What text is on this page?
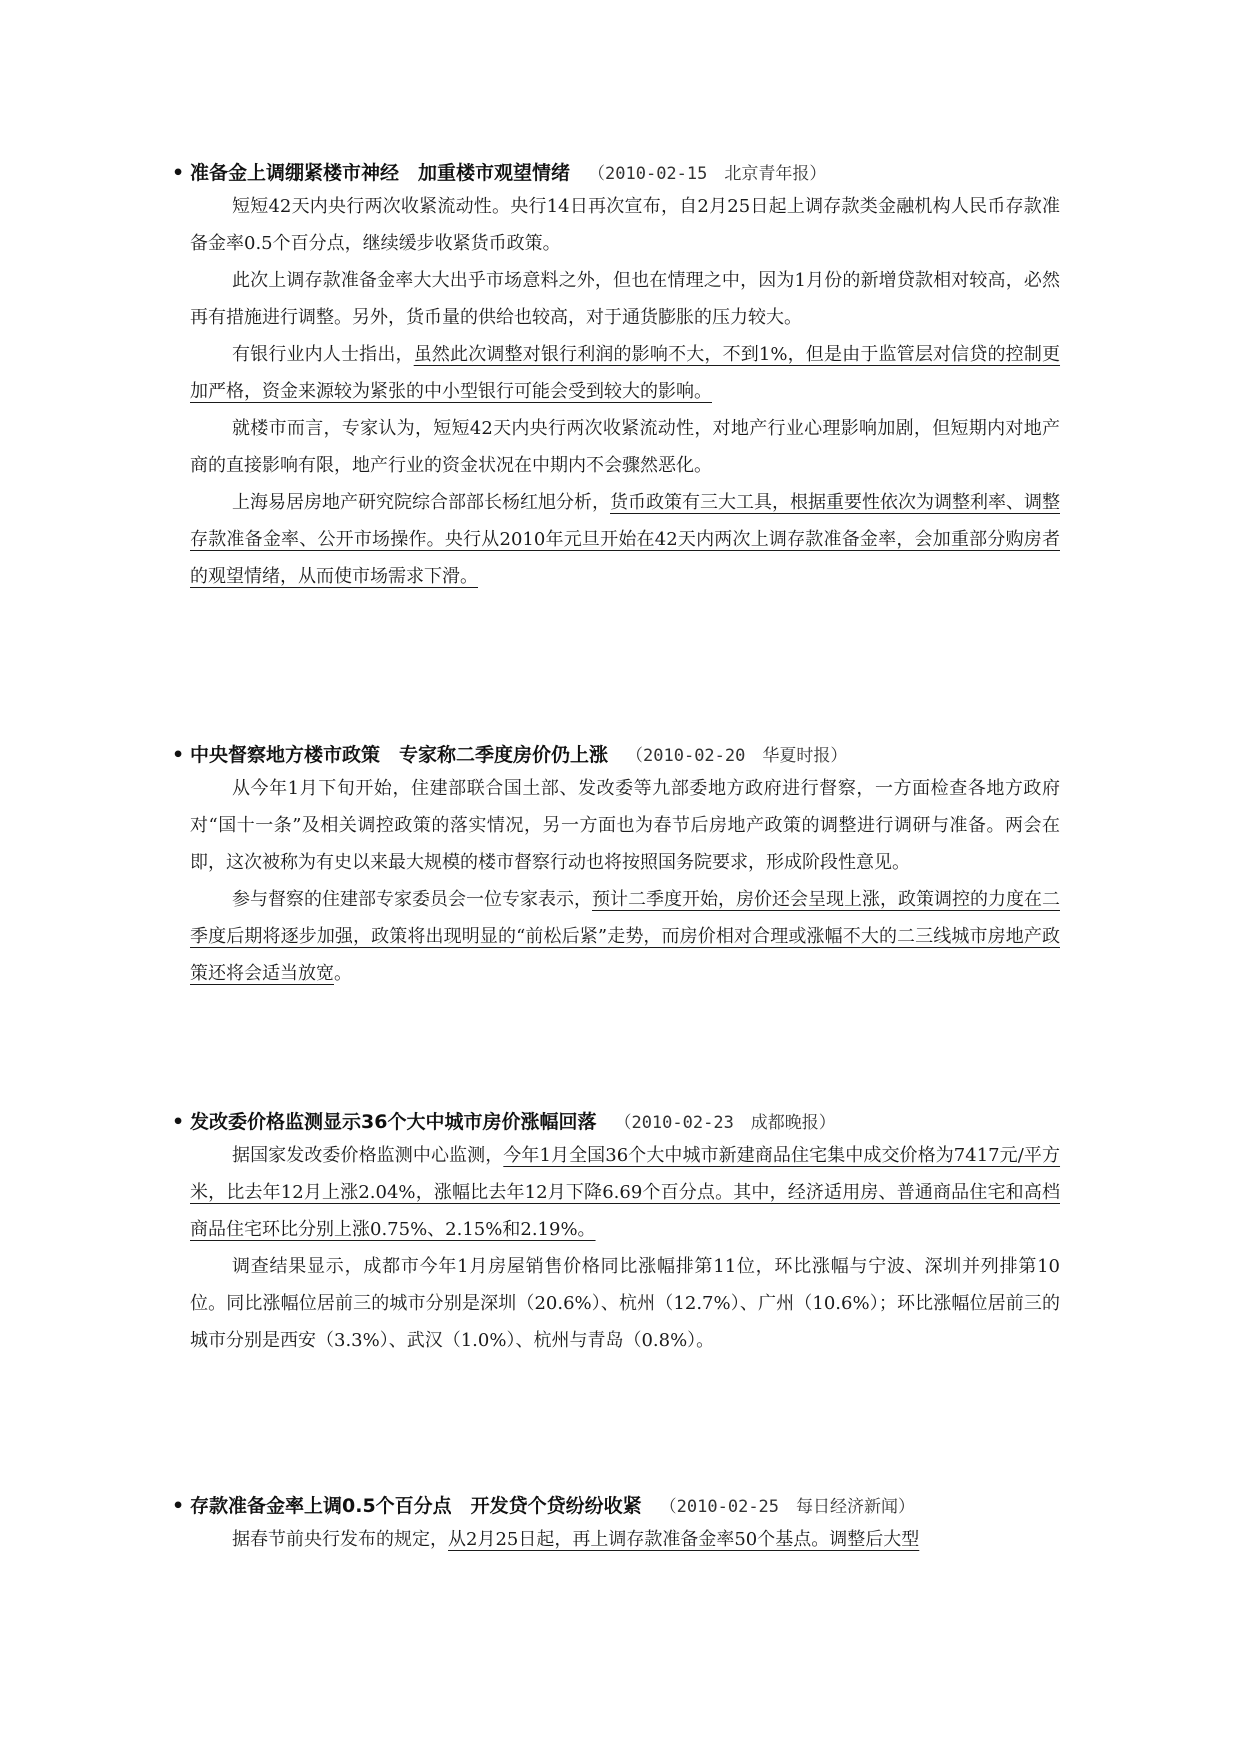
• 准备金上调绷紧楼市神经　加重楼市观望情绪 （2010-02-15　北京青年报）

短短42天内央行两次收紧流动性。央行14日再次宣布，自2月25日起上调存款类金融机构人民币存款准备金率0.5个百分点，继续缓步收紧货币政策。

此次上调存款准备金率大大出乎市场意料之外，但也在情理之中，因为1月份的新增贷款相对较高，必然再有措施进行调整。另外，货币量的供给也较高，对于通货膨胀的压力较大。

有银行业内人士指出，虽然此次调整对银行利润的影响不大，不到1%，但是由于监管层对信贷的控制更加严格，资金来源较为紧张的中小型银行可能会受到较大的影响。

就楼市而言，专家认为，短短42天内央行两次收紧流动性，对地产行业心理影响加剧，但短期内对地产商的直接影响有限，地产行业的资金状况在中期内不会骤然恶化。

上海易居房地产研究院综合部部长杨红旭分析，货币政策有三大工具，根据重要性依次为调整利率、调整存款准备金率、公开市场操作。央行从2010年元旦开始在42天内两次上调存款准备金率，会加重部分购房者的观望情绪，从而使市场需求下滑。

• 中央督察地方楼市政策　专家称二季度房价仍上涨 （2010-02-20　华夏时报）

从今年1月下旬开始，住建部联合国土部、发改委等九部委地方政府进行督察，一方面检查各地方政府对“国十一条”及相关调控政策的落实情况，另一方面也为春节后房地产政策的调整进行调研与准备。两会在即，这次被称为有史以来最大规模的楼市督察行动也将按照国务院要求，形成阶段性意见。

参与督察的住建部专家委员会一位专家表示，预计二季度开始，房价还会呈现上涨，政策调控的力度在二季度后期将逐步加强，政策将出现明显的“前松后紧”走势，而房价相对合理或涨幅不大的二三线城市房地产政策还将会适当放宽。

• 发改委价格监测显示36个大中城市房价涨幅回落 （2010-02-23　成都晚报）

据国家发改委价格监测中心监测，今年1月全国36个大中城市新建商品住宅集中成交价格为7417元/平方米，比去年12月上涨2.04%，涨幅比去年12月下降6.69个百分点。其中，经济适用房、普通商品住宅和高档商品住宅环比分别上涨0.75%、2.15%和2.19%。

调查结果显示，成都市今年1月房屋销售价格同比涨幅排第11位，环比涨幅与宁波、深圳并列排第10位。同比涨幅位居前三的城市分别是深圳（20.6%）、杭州（12.7%）、广州（10.6%）；环比涨幅位居前三的城市分别是西安（3.3%）、武汉（1.0%）、杭州与青岛（0.8%）。

• 存款准备金率上调0.5个百分点　开发贷个贷纷纷收紧 （2010-02-25　每日经济新闻）

据春节前央行发布的规定，从2月25日起，再上调存款准备金率50个基点。调整后大型
